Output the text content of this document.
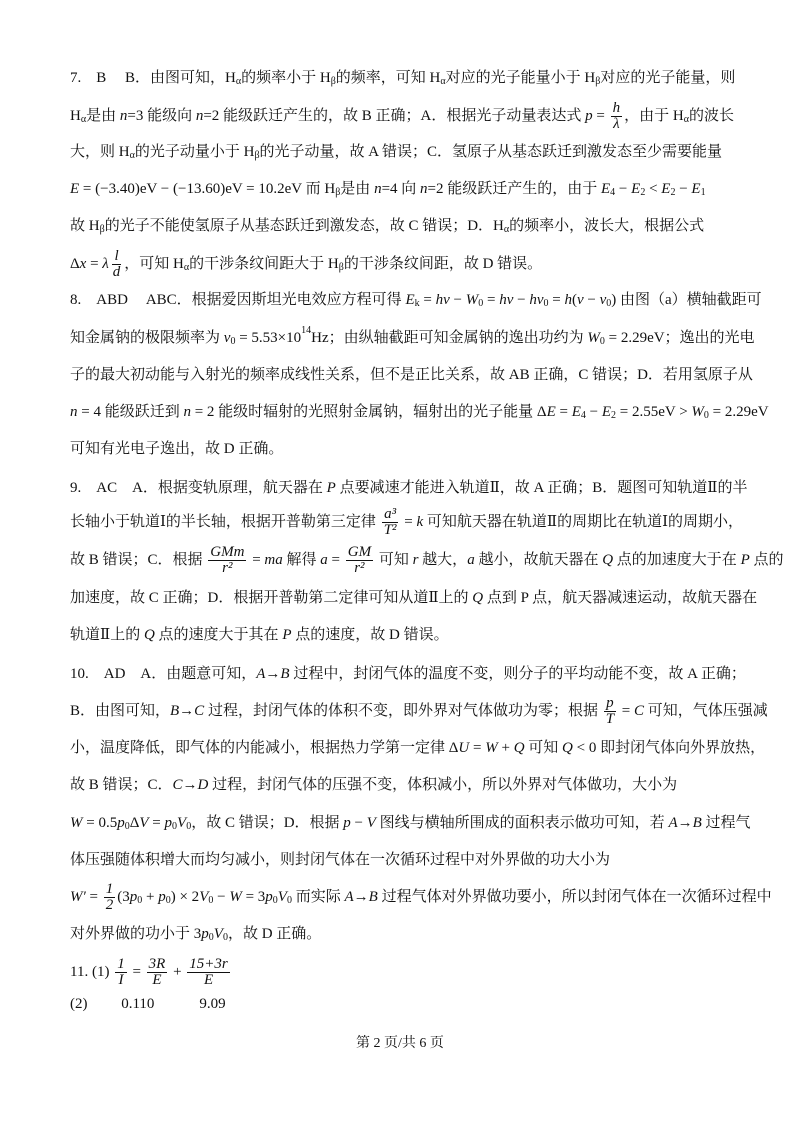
7.　B　 B．由图可知，H α 的频率小于 H β 的频率，可知 H α 对应的光子能量小于 H β 对应的光子能量，则
H α 是由 n =3 能级向 n =2 能级跃迁产生的，故 B 正确；A．根据光子动量表达式 $p = \frac{h}{\lambda}$ ，由于 H α 的波长
大，则 H α 的光子动量小于 H β 的光子动量，故 A 错误；C．氢原子从基态跃迁到激发态至少需要能量
E = (−3.40)eV − (−13.60)eV = 10.2eV 而 H β 是由 n =4 向 n =2 能级跃迁产生的，由于 E 4 − E 2 < E 2 − E 1
故 H β 的光子不能使氢原子从基态跃迁到激发态，故 C 错误；D．H α 的频率小，波长大，根据公式
Δ x = λ $\frac{l}{d}$ ，可知 H α 的干涉条纹间距大于 H β 的干涉条纹间距，故 D 错误。
8.　ABD　 ABC．根据爱因斯坦光电效应方程可得 E k = hν − W 0 = hν − hν 0 = h ( ν − ν 0 ) 由图（a）横轴截距可
知金属钠的极限频率为 ν 0 = 5.53×10 14 Hz；由纵轴截距可知金属钠的逸出功约为 W 0 = 2.29eV；逸出的光电
子的最大初动能与入射光的频率成线性关系，但不是正比关系，故 AB 正确，C 错误；D．若用氢原子从
n = 4 能级跃迁到 n = 2 能级时辐射的光照射金属钠，辐射出的光子能量 Δ E = E 4 − E 2 = 2.55eV > W 0 = 2.29eV
可知有光电子逸出，故 D 正确。
9.　AC　A．根据变轨原理，航天器在 P 点要减速才能进入轨道Ⅱ，故 A 正确；B．题图可知轨道Ⅱ的半
长轴小于轨道Ⅰ的半长轴，根据开普勒第三定律 $\frac{\text{a³}}{\text{T²}} = k$ 可知航天器在轨道Ⅱ的周期比在轨道Ⅰ的周期小，
故 B 错误；C．根据
GMm
r² = ma 解得 $a = \frac{GM}{\text{r²}}$ 可知 r 越大， a 越小，故航天器在 Q 点的加速度大于在 P 点的
加速度，故 C 正确；D．根据开普勒第二定律可知从道Ⅱ上的 Q 点到 P 点，航天器减速运动，故航天器在
轨道Ⅱ上的 Q 点的速度大于其在 P 点的速度，故 D 错误。
10.　AD　A．由题意可知， A→B 过程中，封闭气体的温度不变，则分子的平均动能不变，故 A 正确；
B．由图可知， B→C 过程，封闭气体的体积不变，即外界对气体做功为零；根据 $\frac{p}{T} = C$ 可知，气体压强减
小，温度降低，即气体的内能减小，根据热力学第一定律 Δ U = W + Q 可知 Q < 0 即封闭气体向外界放热，
故 B 错误；C． C→D 过程，封闭气体的压强不变，体积减小，所以外界对气体做功，大小为
W = 0.5 p 0 Δ V = p 0 V 0 ，故 C 错误；D．根据 p − V 图线与横轴所围成的面积表示做功可知，若 A→B 过程气
体压强随体积增大而均匀减小，则封闭气体在一次循环过程中对外界做的功大小为
$W' = \frac{1}{2} (3$ p 0 + p 0 ) × 2 V 0 − W = 3 p 0 V 0 而实际 A→B 过程气体对外界做功要小，所以封闭气体在一次循环过程中
对外界做的功小于 3 p 0 V 0 ，故 D 正确。
11. $(1) \frac{1}{I} = \frac{3R}{E} + \frac{15+3r}{E}$
(2)　　 0.110　　　9.09
第 2 页/共 6 页
